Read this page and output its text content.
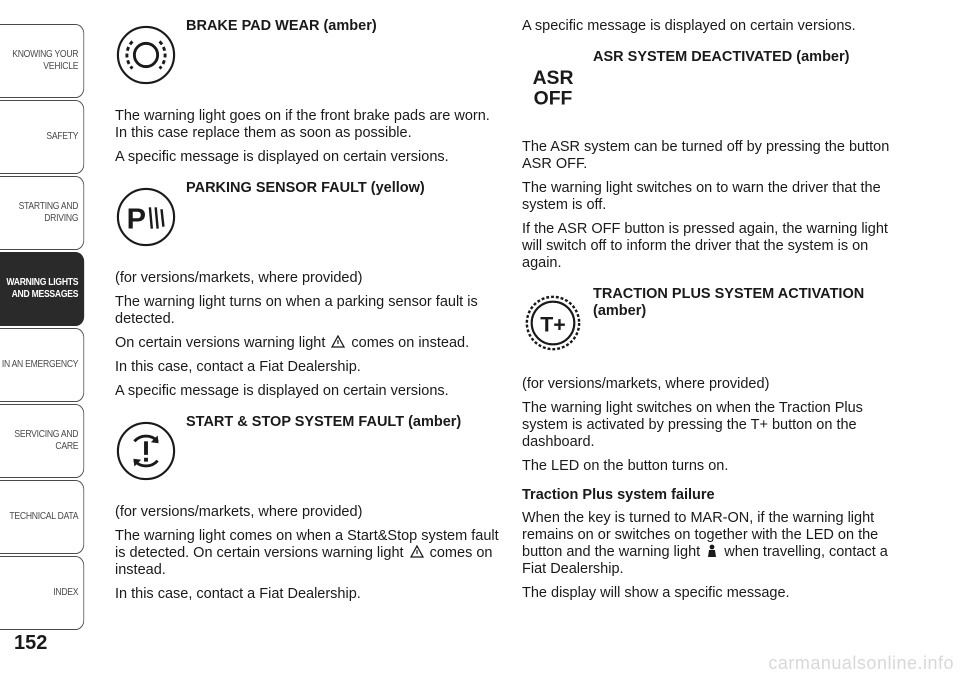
KNOWING YOUR VEHICLE
SAFETY
STARTING AND DRIVING
WARNING LIGHTS AND MESSAGES
IN AN EMERGENCY
SERVICING AND CARE
TECHNICAL DATA
INDEX
152
carmanualsonline.info
BRAKE PAD WEAR (amber)

The warning light goes on if the front brake pads are worn. In this case replace them as soon as possible.

A specific message is displayed on certain versions.

P
PARKING SENSOR FAULT (yellow)

(for versions/markets, where provided)

The warning light turns on when a parking sensor fault is detected.

On certain versions warning light comes on instead.

In this case, contact a Fiat Dealership.

A specific message is displayed on certain versions.

START & STOP SYSTEM FAULT (amber)

(for versions/markets, where provided)

The warning light comes on when a Start&Stop system fault is detected. On certain versions warning light comes on instead.

In this case, contact a Fiat Dealership.

A specific message is displayed on certain versions.

ASR
OFF
ASR SYSTEM DEACTIVATED (amber)

The ASR system can be turned off by pressing the button ASR OFF.

The warning light switches on to warn the driver that the system is off.

If the ASR OFF button is pressed again, the warning light will switch off to inform the driver that the system is on again.

T+
TRACTION PLUS SYSTEM ACTIVATION (amber)

(for versions/markets, where provided)

The warning light switches on when the Traction Plus system is activated by pressing the T+ button on the dashboard.

The LED on the button turns on.

Traction Plus system failure

When the key is turned to MAR-ON, if the warning light remains on or switches on together with the LED on the button and the warning light when travelling, contact a Fiat Dealership.

The display will show a specific message.
